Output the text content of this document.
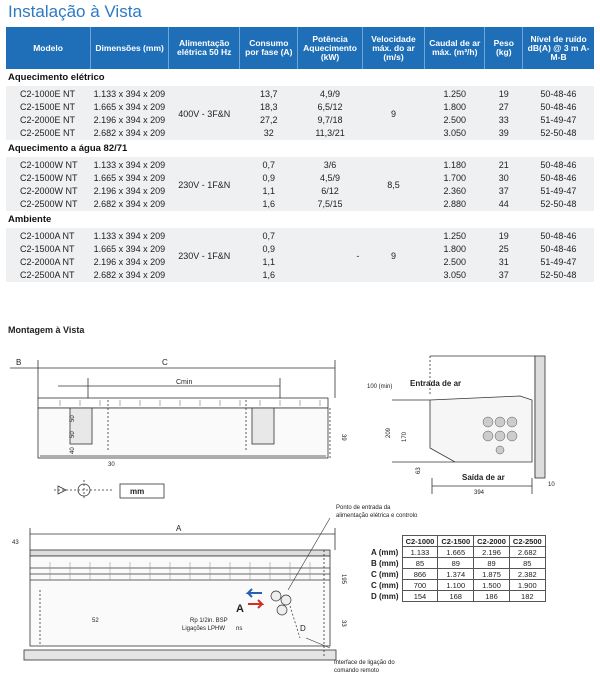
Instalação à Vista
Modelo	Dimensões (mm)	Alimentação elétrica 50 Hz	Consumo por fase (A)	Potência Aquecimento (kW)	Velocidade máx. do ar (m/s)	Caudal de ar máx. (m³/h)	Peso (kg)	Nível de ruído dB(A) @ 3 m A-M-B
Aquecimento elétrico								
C2-1000E NT	1.133 x 394 x 209	400V - 3F&N	13,7	4,9/9	9	1.250	19	50-48-46
C2-1500E NT	1.665 x 394 x 209		18,3	6,5/12		1.800	27	50-48-46
C2-2000E NT	2.196 x 394 x 209		27,2	9,7/18		2.500	33	51-49-47
C2-2500E NT	2.682 x 394 x 209		32	11,3/21		3.050	39	52-50-48
Aquecimento a água 82/71								
C2-1000W NT	1.133 x 394 x 209	230V - 1F&N	0,7	3/6	8,5	1.180	21	50-48-46
C2-1500W NT	1.665 x 394 x 209		0,9	4,5/9		1.700	30	50-48-46
C2-2000W NT	2.196 x 394 x 209		1,1	6/12		2.360	37	51-49-47
C2-2500W NT	2.682 x 394 x 209		1,6	7,5/15		2.880	44	52-50-48
Ambiente								
C2-1000A NT	1.133 x 394 x 209	230V - 1F&N	0,7	-	9	1.250	19	50-48-46
C2-1500A NT	1.665 x 394 x 209		0,9			1.800	25	50-48-46
C2-2000A NT	2.196 x 394 x 209		1,1			2.500	31	51-49-47
C2-2500A NT	2.682 x 394 x 209		1,6			3.050	37	52-50-48
Montagem à Vista
B	C
Cmin
50
50
40
30
39
mm
100 (min) Entrada de ar
209 170
63
Saída de ar
394
10
A
43
52
195
33
D
A
Ponto de entrada da
alimentação elétrica e controlo
Rp 1/2in. BSP
Ligações LPHW ns
Interface de ligação do
comando remoto
	C2-1000	C2-1500	C2-2000	C2-2500
A (mm)	1.133	1.665	2.196	2.682
B (mm)	85	89	89	85
C (mm)	866	1.374	1.875	2.382
C (mm)	700	1.100	1.500	1.900
D (mm)	154	168	186	182
